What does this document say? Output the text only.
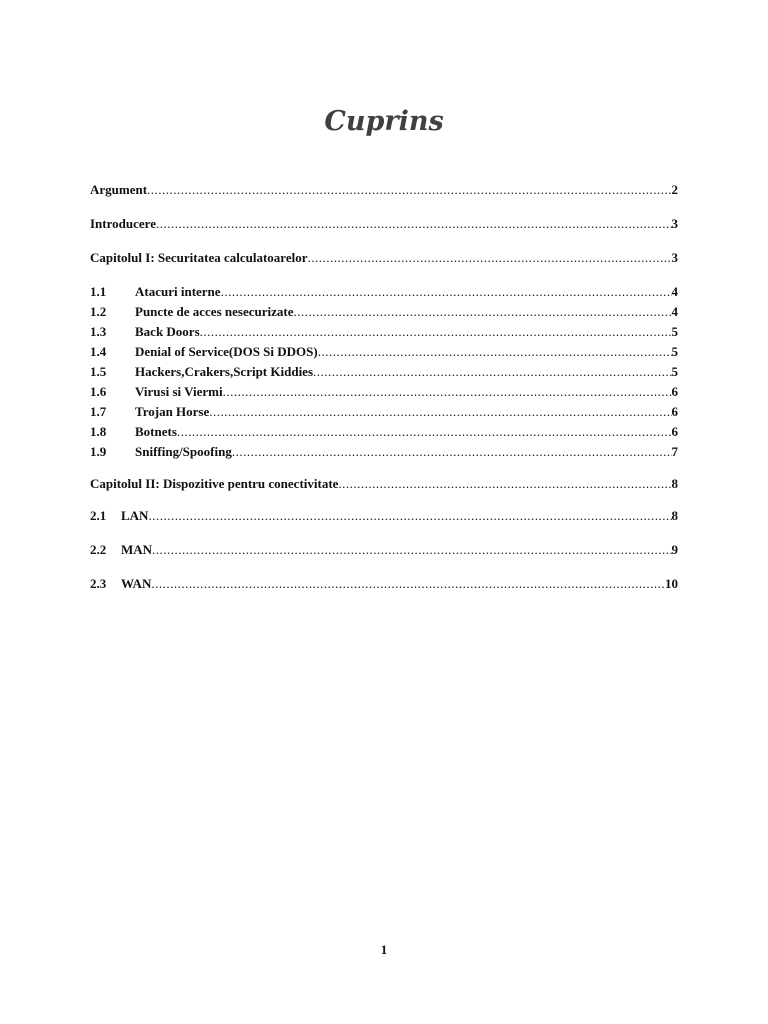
Cuprins
Argument .....	2
Introducere .....	3
Capitolul I: Securitatea calculatoarelor .....	3
1.1	Atacuri interne .....	4
1.2	Puncte de acces nesecurizate .....	4
1.3	Back Doors .....	5
1.4	Denial of Service(DOS Si DDOS) .....	5
1.5	Hackers,Crakers,Script Kiddies .....	5
1.6	Virusi si Viermi .....	6
1.7	Trojan Horse .....	6
1.8	Botnets .....	6
1.9	Sniffing/Spoofing .....	7
Capitolul II: Dispozitive pentru conectivitate .....	8
2.1	LAN .....	8
2.2	MAN .....	9
2.3	WAN .....	10
1
